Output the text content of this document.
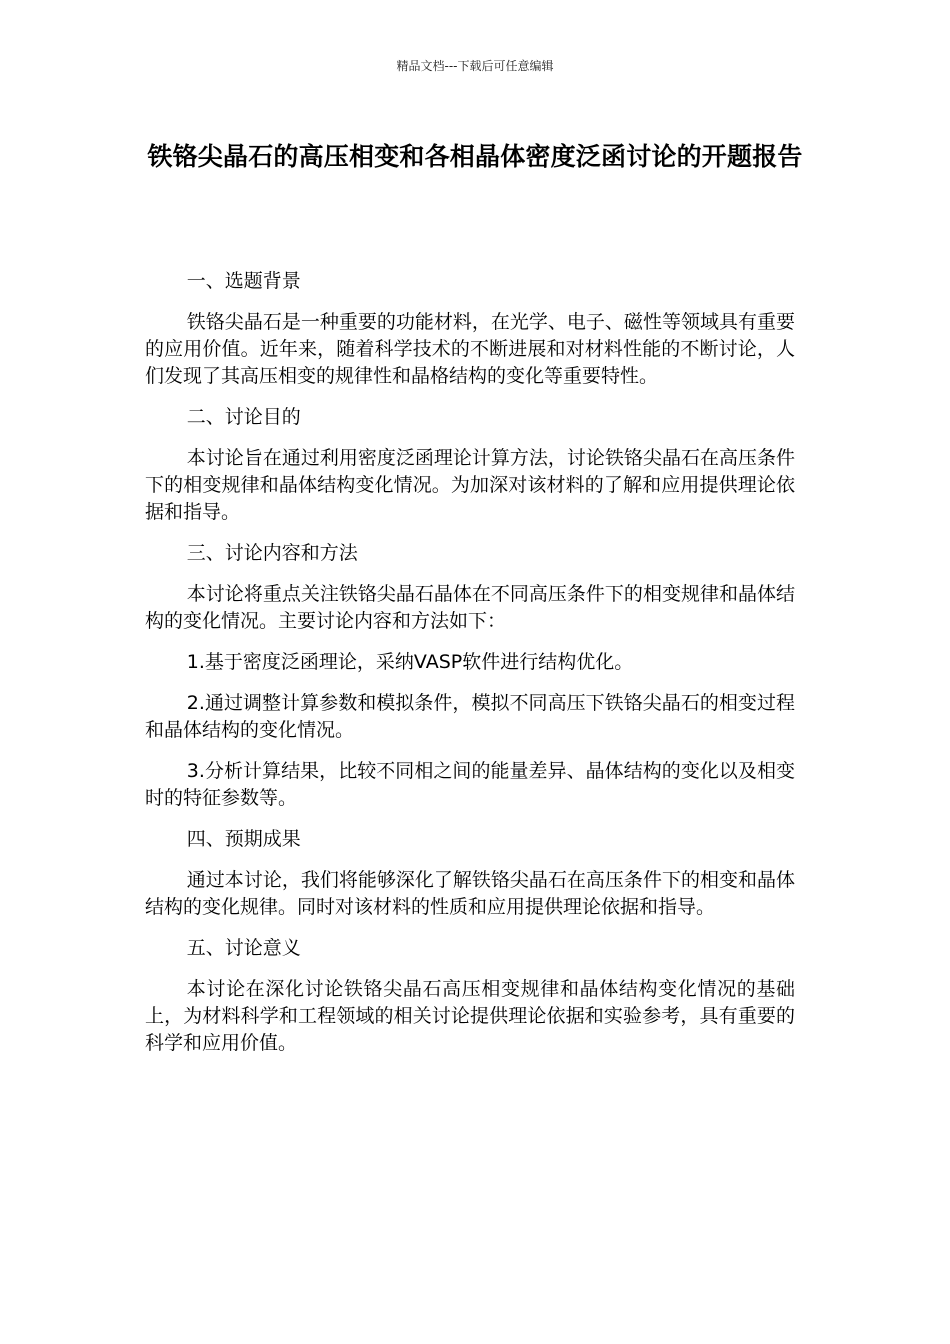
精品文档---下载后可任意编辑
铁铬尖晶石的高压相变和各相晶体密度泛函讨论的开题报告

一、选题背景

铁铬尖晶石是一种重要的功能材料，在光学、电子、磁性等领域具有重要的应用价值。近年来，随着科学技术的不断进展和对材料性能的不断讨论，人们发现了其高压相变的规律性和晶格结构的变化等重要特性。

二、讨论目的

本讨论旨在通过利用密度泛函理论计算方法，讨论铁铬尖晶石在高压条件下的相变规律和晶体结构变化情况。为加深对该材料的了解和应用提供理论依据和指导。

三、讨论内容和方法

本讨论将重点关注铁铬尖晶石晶体在不同高压条件下的相变规律和晶体结构的变化情况。主要讨论内容和方法如下：

1.基于密度泛函理论，采纳VASP软件进行结构优化。

2.通过调整计算参数和模拟条件，模拟不同高压下铁铬尖晶石的相变过程和晶体结构的变化情况。

3.分析计算结果，比较不同相之间的能量差异、晶体结构的变化以及相变时的特征参数等。

四、预期成果

通过本讨论，我们将能够深化了解铁铬尖晶石在高压条件下的相变和晶体结构的变化规律。同时对该材料的性质和应用提供理论依据和指导。

五、讨论意义

本讨论在深化讨论铁铬尖晶石高压相变规律和晶体结构变化情况的基础上，为材料科学和工程领域的相关讨论提供理论依据和实验参考，具有重要的科学和应用价值。
